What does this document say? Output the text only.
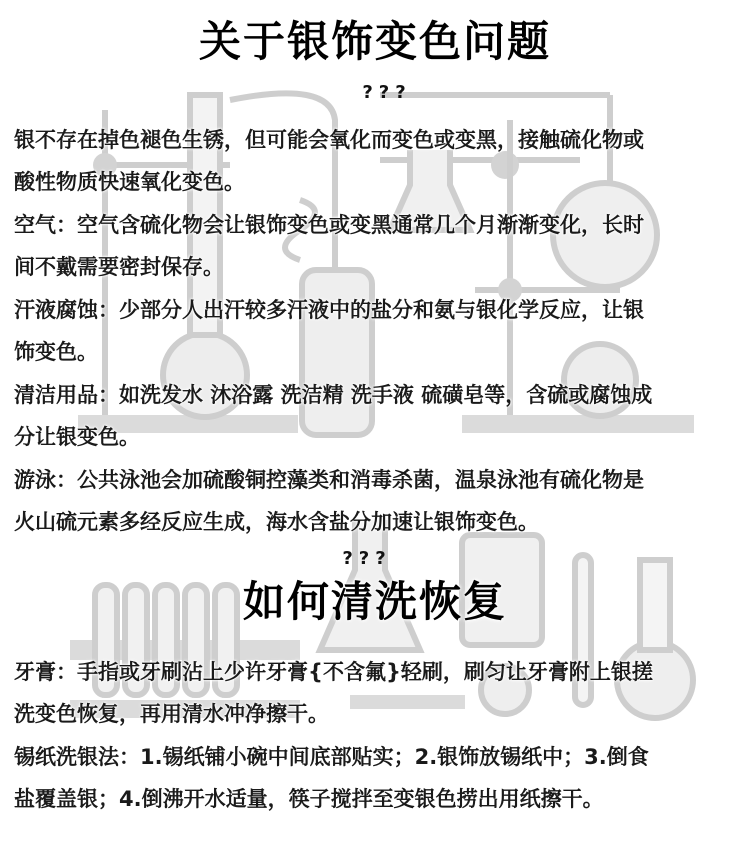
关于银饰变色问题
???

银不存在掉色褪色生锈，但可能会氧化而变色或变黑，接触硫化物或
酸性物质快速氧化变色。

空气：空气含硫化物会让银饰变色或变黑通常几个月渐渐变化，长时
间不戴需要密封保存。

汗液腐蚀：少部分人出汗较多汗液中的盐分和氨与银化学反应，让银
饰变色。

清洁用品：如洗发水 沐浴露 洗洁精 洗手液 硫磺皂等，含硫或腐蚀成
分让银变色。

游泳：公共泳池会加硫酸铜控藻类和消毒杀菌，温泉泳池有硫化物是
火山硫元素多经反应生成，海水含盐分加速让银饰变色。

???
如何清洗恢复

牙膏：手指或牙刷沾上少许牙膏{不含氟}轻刷，刷匀让牙膏附上银搓
洗变色恢复，再用清水冲净擦干。

锡纸洗银法：1.锡纸铺小碗中间底部贴实；2.银饰放锡纸中；3.倒食
盐覆盖银；4.倒沸开水适量，筷子搅拌至变银色捞出用纸擦干。
